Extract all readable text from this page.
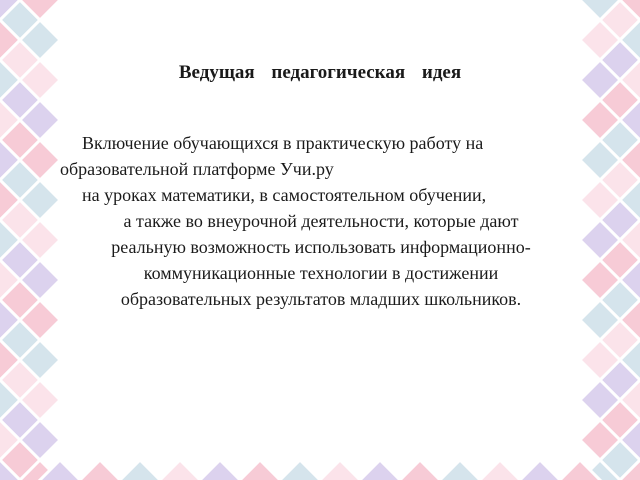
Ведущая педагогическая идея
Включение обучающихся в практическую работу на
образовательной платформе Учи.ру
на уроках математики, в самостоятельном обучении,
а также во внеурочной деятельности, которые дают
реальную возможность использовать информационно-
коммуникационные технологии в достижении
образовательных результатов младших школьников.
